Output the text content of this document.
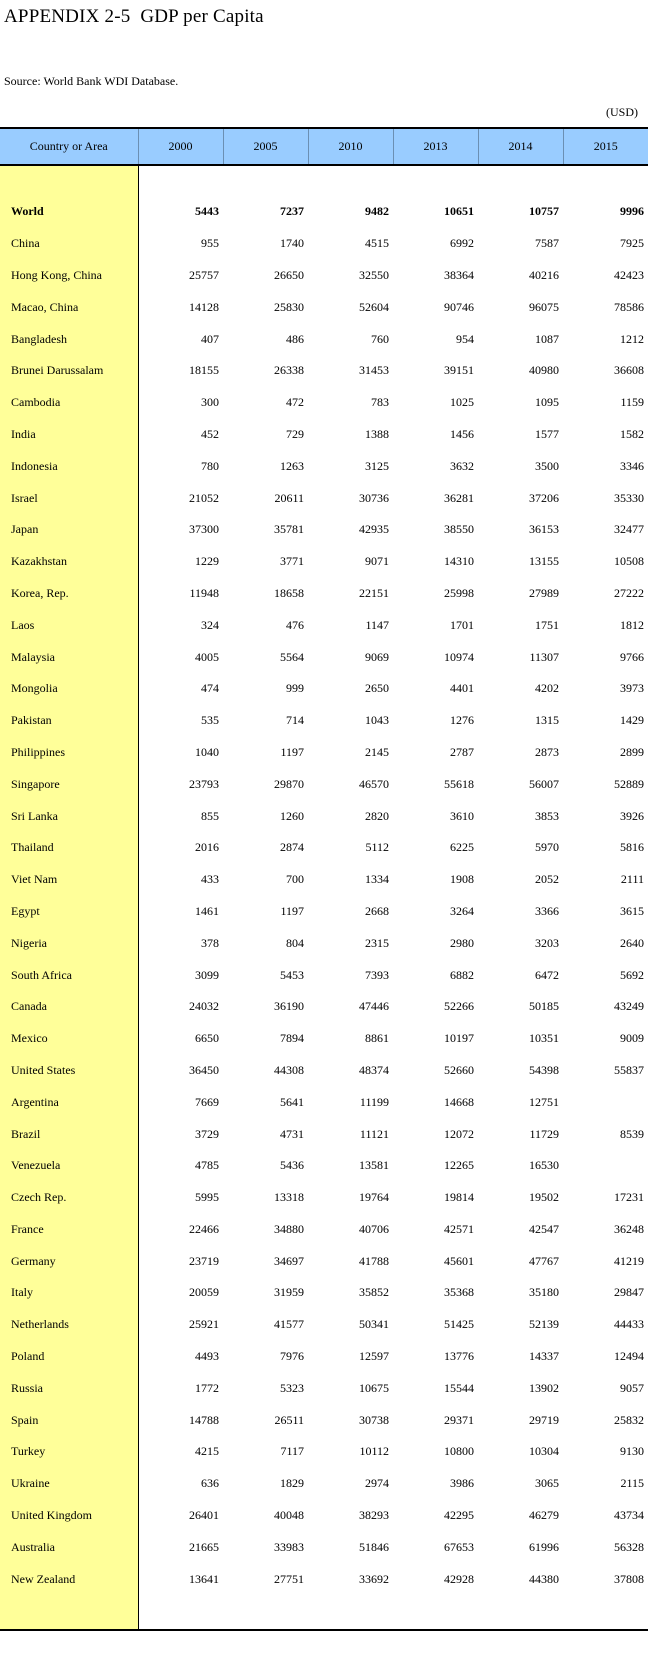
APPENDIX 2-5  GDP per Capita
Source: World Bank WDI Database.
(USD)
Country or Area	2000	2005	2010	2013	2014	2015

World	5443	7237	9482	10651	10757	9996
China	955	1740	4515	6992	7587	7925
Hong Kong, China	25757	26650	32550	38364	40216	42423
Macao, China	14128	25830	52604	90746	96075	78586
Bangladesh	407	486	760	954	1087	1212
Brunei Darussalam	18155	26338	31453	39151	40980	36608
Cambodia	300	472	783	1025	1095	1159
India	452	729	1388	1456	1577	1582
Indonesia	780	1263	3125	3632	3500	3346
Israel	21052	20611	30736	36281	37206	35330
Japan	37300	35781	42935	38550	36153	32477
Kazakhstan	1229	3771	9071	14310	13155	10508
Korea, Rep.	11948	18658	22151	25998	27989	27222
Laos	324	476	1147	1701	1751	1812
Malaysia	4005	5564	9069	10974	11307	9766
Mongolia	474	999	2650	4401	4202	3973
Pakistan	535	714	1043	1276	1315	1429
Philippines	1040	1197	2145	2787	2873	2899
Singapore	23793	29870	46570	55618	56007	52889
Sri Lanka	855	1260	2820	3610	3853	3926
Thailand	2016	2874	5112	6225	5970	5816
Viet Nam	433	700	1334	1908	2052	2111
Egypt	1461	1197	2668	3264	3366	3615
Nigeria	378	804	2315	2980	3203	2640
South Africa	3099	5453	7393	6882	6472	5692
Canada	24032	36190	47446	52266	50185	43249
Mexico	6650	7894	8861	10197	10351	9009
United States	36450	44308	48374	52660	54398	55837
Argentina	7669	5641	11199	14668	12751	
Brazil	3729	4731	11121	12072	11729	8539
Venezuela	4785	5436	13581	12265	16530	
Czech Rep.	5995	13318	19764	19814	19502	17231
France	22466	34880	40706	42571	42547	36248
Germany	23719	34697	41788	45601	47767	41219
Italy	20059	31959	35852	35368	35180	29847
Netherlands	25921	41577	50341	51425	52139	44433
Poland	4493	7976	12597	13776	14337	12494
Russia	1772	5323	10675	15544	13902	9057
Spain	14788	26511	30738	29371	29719	25832
Turkey	4215	7117	10112	10800	10304	9130
Ukraine	636	1829	2974	3986	3065	2115
United Kingdom	26401	40048	38293	42295	46279	43734
Australia	21665	33983	51846	67653	61996	56328
New Zealand	13641	27751	33692	42928	44380	37808
